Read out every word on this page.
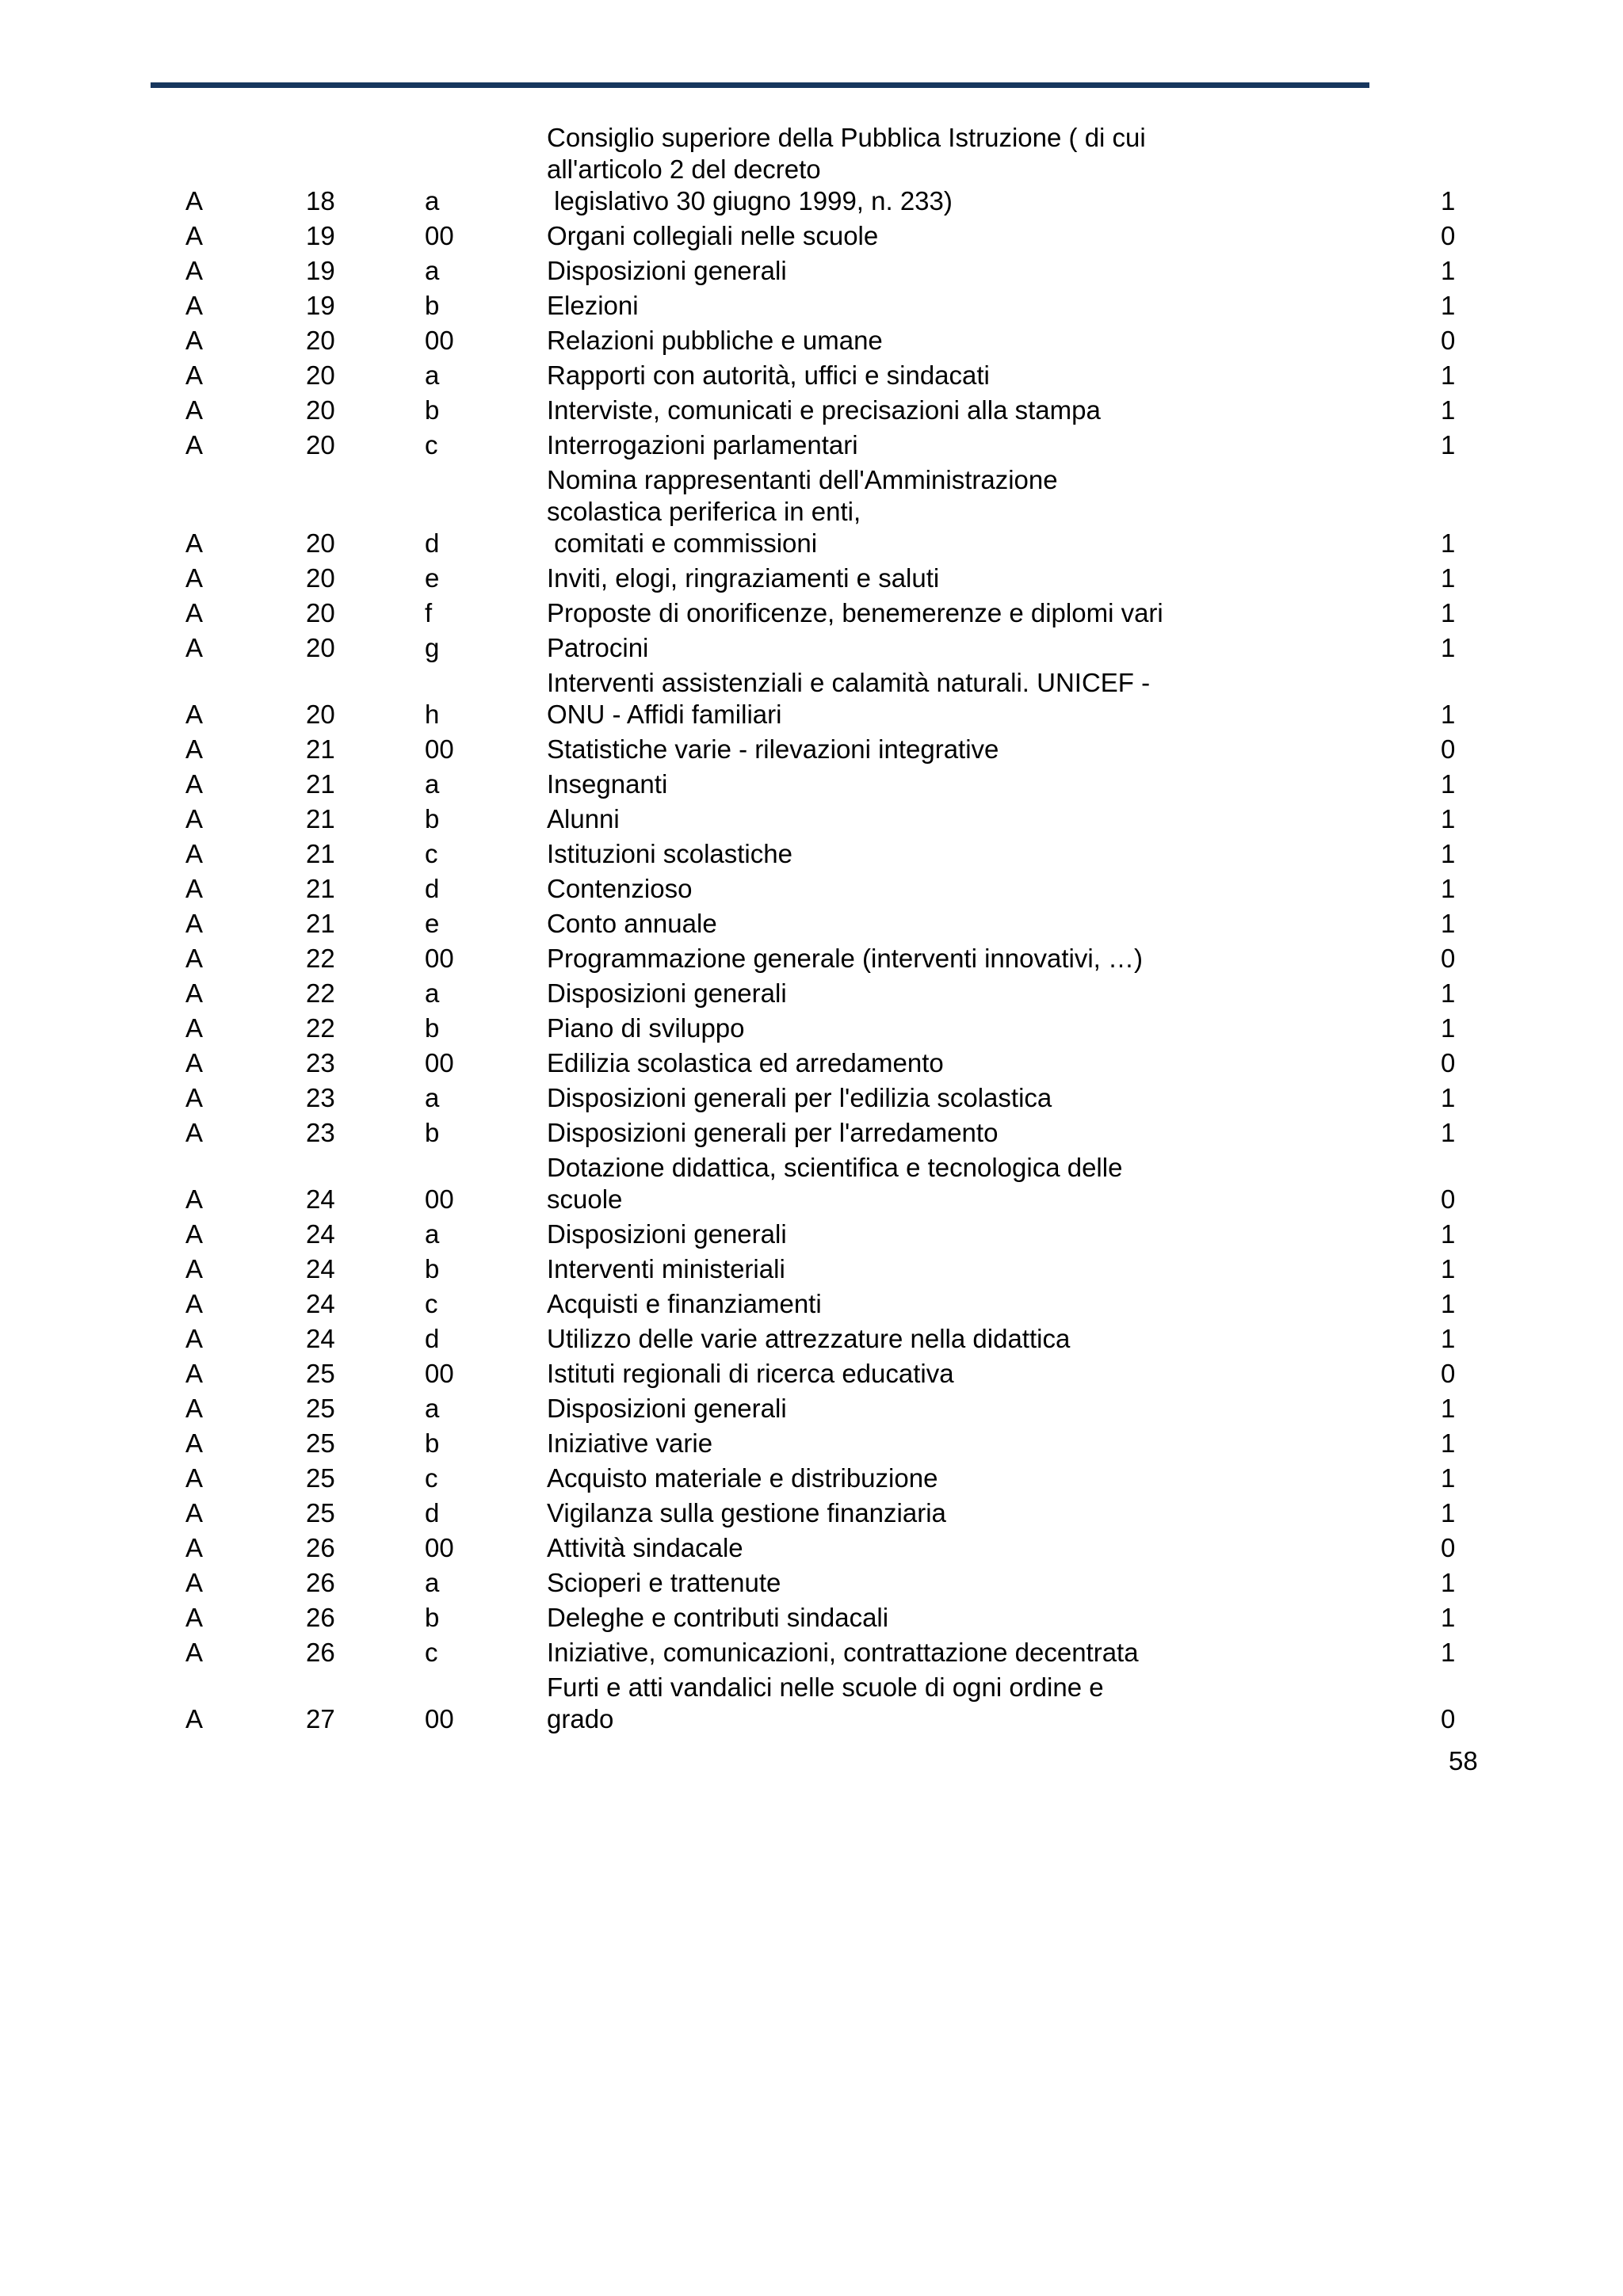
A	18	a
Consiglio superiore della Pubblica Istruzione ( di cui
all'articolo 2 del decreto
legislativo 30 giugno 1999, n. 233)	1
A	19	00	Organi collegiali nelle scuole	0
A	19	a	Disposizioni generali	1
A	19	b	Elezioni	1
A	20	00	Relazioni pubbliche e umane	0
A	20	a	Rapporti con autorità, uffici e sindacati	1
A	20	b	Interviste, comunicati e precisazioni alla stampa	1
A	20	c	Interrogazioni parlamentari	1
A	20	d
Nomina rappresentanti dell'Amministrazione
scolastica periferica in enti,
comitati e commissioni	1
A	20	e	Inviti, elogi, ringraziamenti e saluti	1
A	20	f	Proposte di onorificenze, benemerenze e diplomi vari	1
A	20	g	Patrocini	1
A	20	h
Interventi assistenziali e calamità naturali. UNICEF -
ONU - Affidi familiari	1
A	21	00	Statistiche varie - rilevazioni integrative	0
A	21	a	Insegnanti	1
A	21	b	Alunni	1
A	21	c	Istituzioni scolastiche	1
A	21	d	Contenzioso	1
A	21	e	Conto annuale	1
A	22	00	Programmazione generale (interventi innovativi, …)	0
A	22	a	Disposizioni generali	1
A	22	b	Piano di sviluppo	1
A	23	00	Edilizia scolastica ed arredamento	0
A	23	a	Disposizioni generali per l'edilizia scolastica	1
A	23	b	Disposizioni generali per l'arredamento	1
A	24	00
Dotazione didattica, scientifica e tecnologica delle
scuole	0
A	24	a	Disposizioni generali	1
A	24	b	Interventi ministeriali	1
A	24	c	Acquisti e finanziamenti	1
A	24	d	Utilizzo delle varie attrezzature nella didattica	1
A	25	00	Istituti regionali di ricerca educativa	0
A	25	a	Disposizioni generali	1
A	25	b	Iniziative varie	1
A	25	c	Acquisto materiale e distribuzione	1
A	25	d	Vigilanza sulla gestione finanziaria	1
A	26	00	Attività sindacale	0
A	26	a	Scioperi e trattenute	1
A	26	b	Deleghe e contributi sindacali	1
A	26	c	Iniziative, comunicazioni, contrattazione decentrata	1
A	27	00
Furti e atti vandalici nelle scuole di ogni ordine e
grado	0
58
